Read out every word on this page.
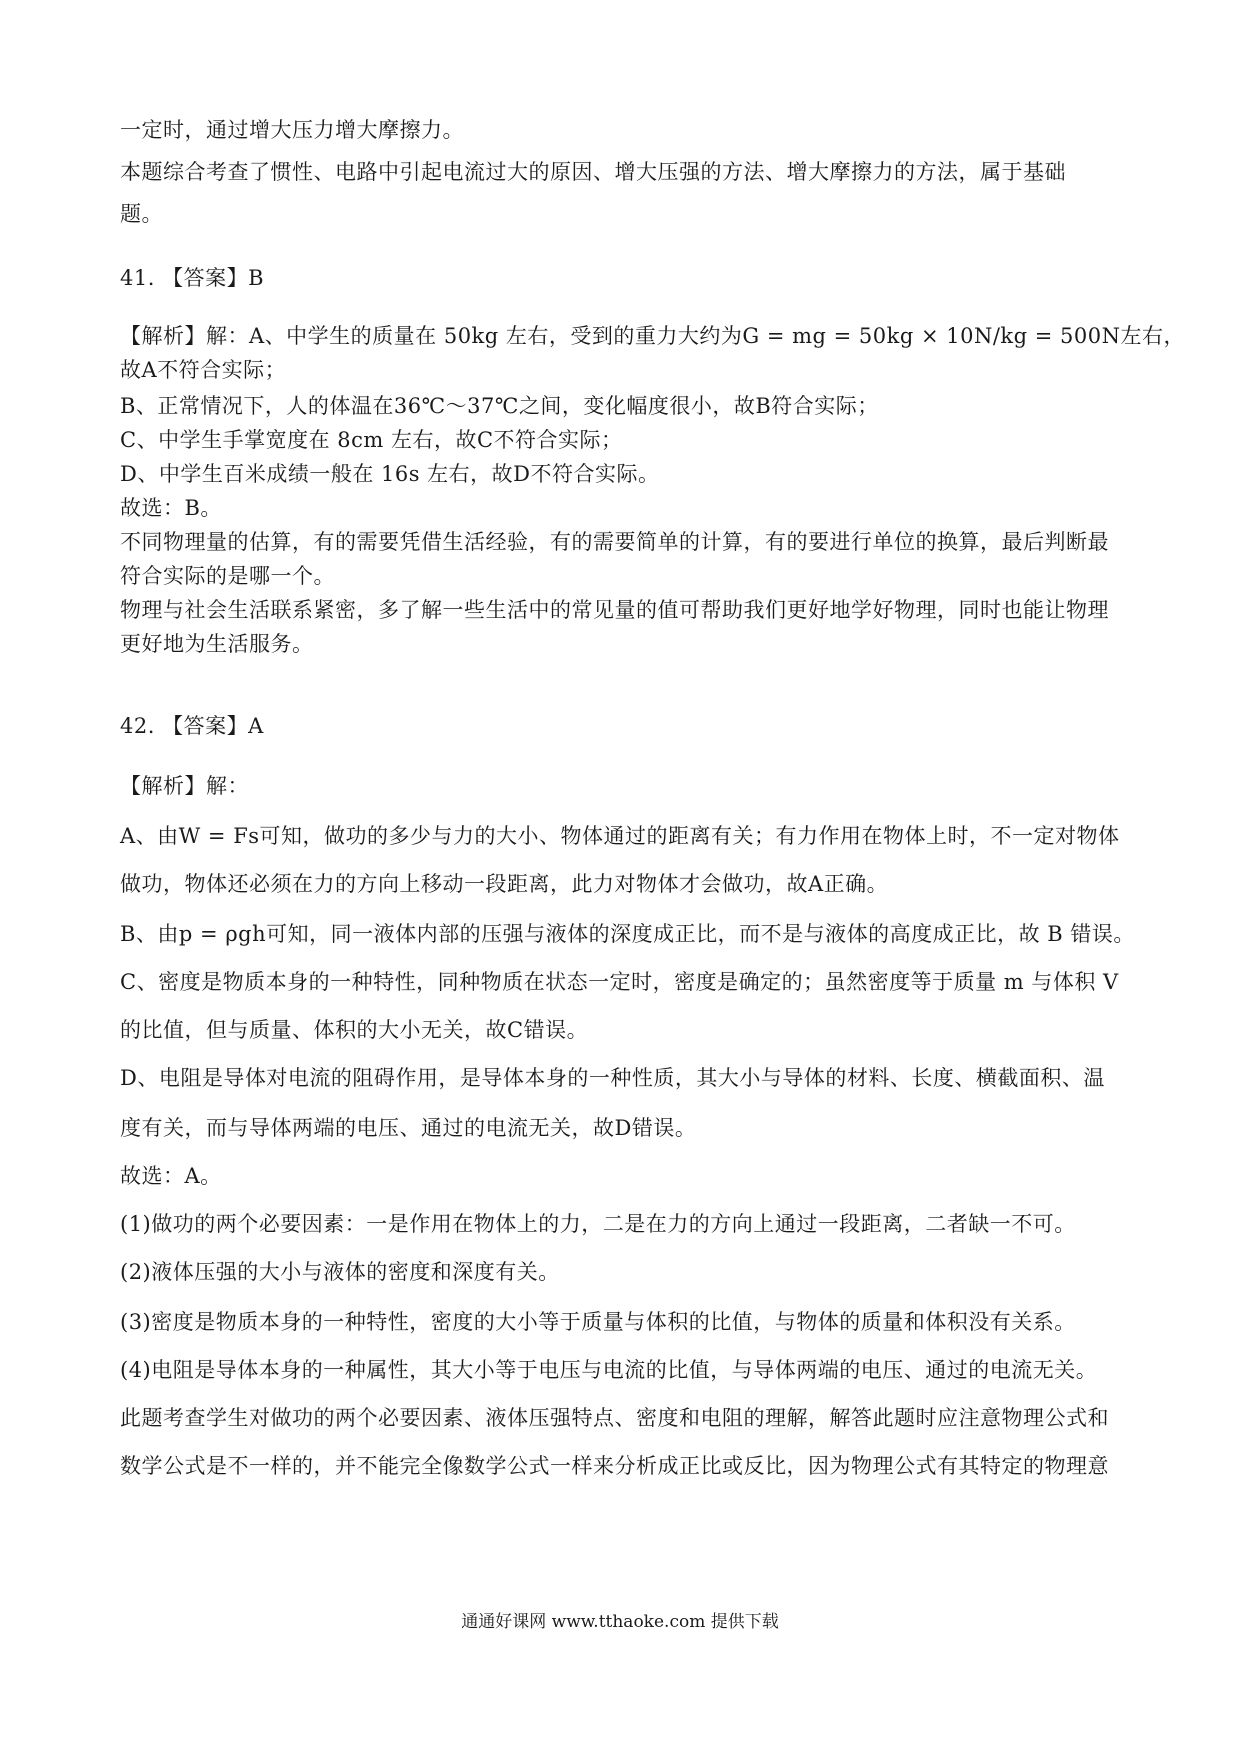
一定时，通过增大压力增大摩擦力。
本题综合考查了惯性、电路中引起电流过大的原因、增大压强的方法、增大摩擦力的方法，属于基础
题。
41. 【答案】B
【解析】解：A、中学生的质量在 50kg 左右，受到的重力大约为G = mg = 50kg × 10N/kg = 500N左右，
故A不符合实际；
B、正常情况下，人的体温在36℃～37℃之间，变化幅度很小，故B符合实际；
C、中学生手掌宽度在 8cm 左右，故C不符合实际；
D、中学生百米成绩一般在 16s 左右，故D不符合实际。
故选：B。
不同物理量的估算，有的需要凭借生活经验，有的需要简单的计算，有的要进行单位的换算，最后判断最
符合实际的是哪一个。
物理与社会生活联系紧密，多了解一些生活中的常见量的值可帮助我们更好地学好物理，同时也能让物理
更好地为生活服务。
42. 【答案】A
【解析】解：
A、由W = Fs可知，做功的多少与力的大小、物体通过的距离有关；有力作用在物体上时，不一定对物体
做功，物体还必须在力的方向上移动一段距离，此力对物体才会做功，故A正确。
B、由p = ρgh可知，同一液体内部的压强与液体的深度成正比，而不是与液体的高度成正比，故 B 错误。
C、密度是物质本身的一种特性，同种物质在状态一定时，密度是确定的；虽然密度等于质量 m 与体积 V
的比值，但与质量、体积的大小无关，故C错误。
D、电阻是导体对电流的阻碍作用，是导体本身的一种性质，其大小与导体的材料、长度、横截面积、温
度有关，而与导体两端的电压、通过的电流无关，故D错误。
故选：A。
(1)做功的两个必要因素：一是作用在物体上的力，二是在力的方向上通过一段距离，二者缺一不可。
(2)液体压强的大小与液体的密度和深度有关。
(3)密度是物质本身的一种特性，密度的大小等于质量与体积的比值，与物体的质量和体积没有关系。
(4)电阻是导体本身的一种属性，其大小等于电压与电流的比值，与导体两端的电压、通过的电流无关。
此题考查学生对做功的两个必要因素、液体压强特点、密度和电阻的理解，解答此题时应注意物理公式和
数学公式是不一样的，并不能完全像数学公式一样来分析成正比或反比，因为物理公式有其特定的物理意
通通好课网 www.tthaoke.com 提供下载
